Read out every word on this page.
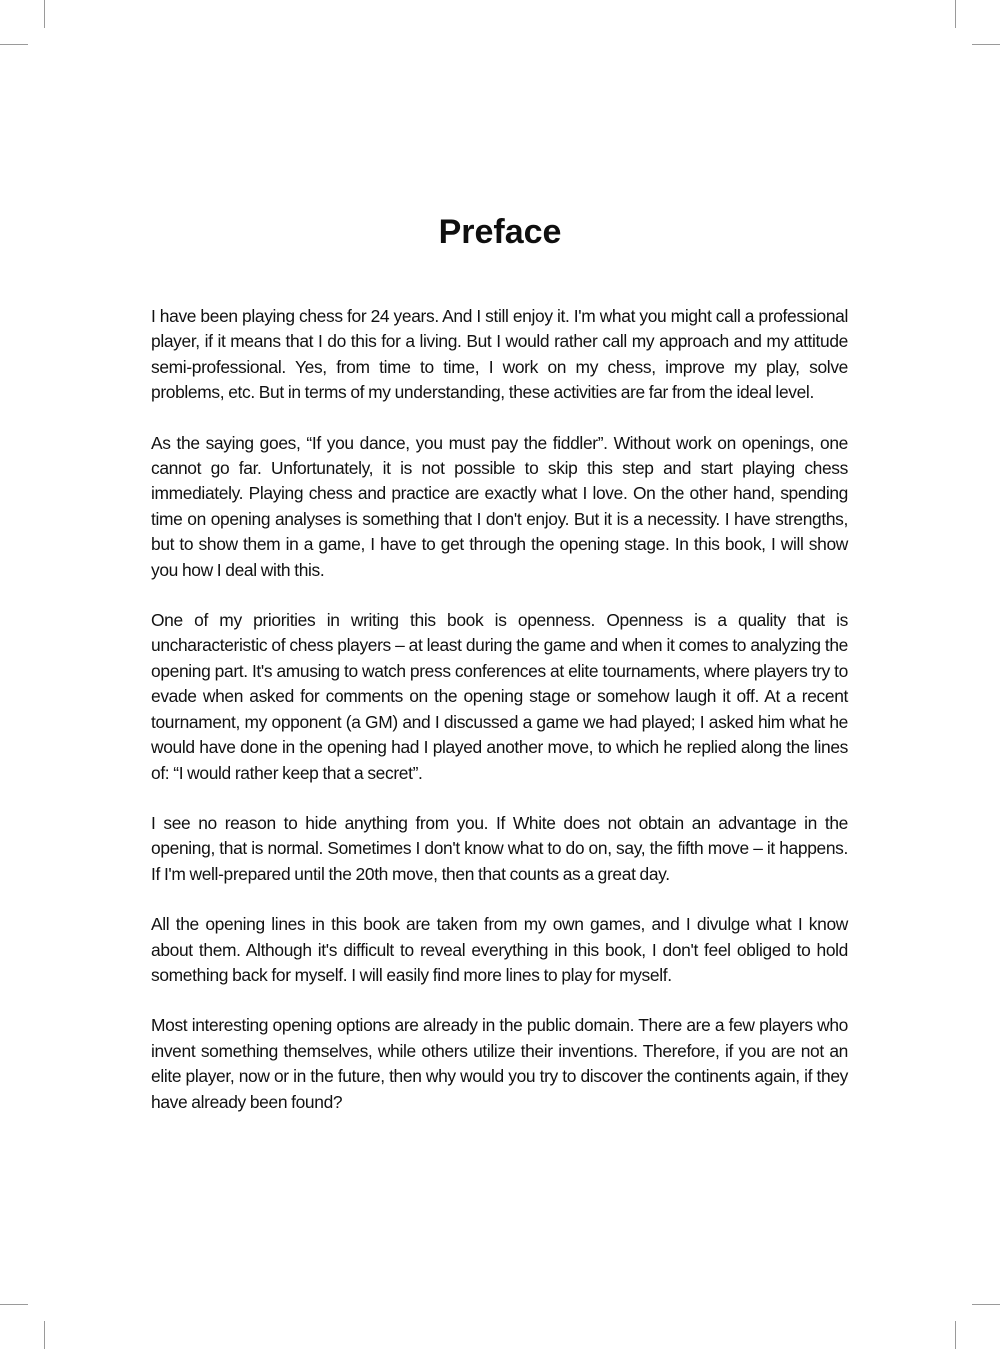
Preface

I have been playing chess for 24 years. And I still enjoy it. I'm what you might call a professional player, if it means that I do this for a living. But I would rather call my approach and my attitude semi-professional. Yes, from time to time, I work on my chess, improve my play, solve problems, etc. But in terms of my understanding, these activities are far from the ideal level.

As the saying goes, “If you dance, you must pay the fiddler”. Without work on openings, one cannot go far. Unfortunately, it is not possible to skip this step and start playing chess immediately. Playing chess and practice are exactly what I love. On the other hand, spending time on opening analyses is something that I don't enjoy. But it is a necessity. I have strengths, but to show them in a game, I have to get through the opening stage. In this book, I will show you how I deal with this.

One of my priorities in writing this book is openness. Openness is a quality that is uncharacteristic of chess players – at least during the game and when it comes to analyzing the opening part. It's amusing to watch press conferences at elite tournaments, where players try to evade when asked for comments on the opening stage or somehow laugh it off. At a recent tournament, my opponent (a GM) and I discussed a game we had played; I asked him what he would have done in the opening had I played another move, to which he replied along the lines of: “I would rather keep that a secret”.

I see no reason to hide anything from you. If White does not obtain an advantage in the opening, that is normal. Sometimes I don't know what to do on, say, the fifth move – it happens. If I'm well-prepared until the 20th move, then that counts as a great day.

All the opening lines in this book are taken from my own games, and I divulge what I know about them. Although it's difficult to reveal everything in this book, I don't feel obliged to hold something back for myself. I will easily find more lines to play for myself.

Most interesting opening options are already in the public domain. There are a few players who invent something themselves, while others utilize their inventions. Therefore, if you are not an elite player, now or in the future, then why would you try to discover the continents again, if they have already been found?
